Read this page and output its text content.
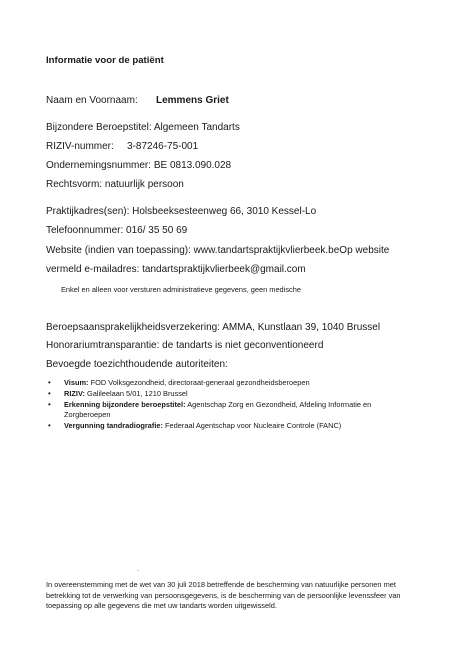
Informatie voor de patiënt
Naam en Voornaam: Lemmens Griet
Bijzondere Beroepstitel: Algemeen Tandarts
RIZIV-nummer: 3-87246-75-001
Ondernemingsnummer: BE 0813.090.028
Rechtsvorm: natuurlijk persoon
Praktijkadres(sen): Holsbeeksesteenweg 66, 3010 Kessel-Lo
Telefoonnummer: 016/ 35 50 69
Website (indien van toepassing): www.tandartspraktijkvlierbeek.beOp website
vermeld e-mailadres: tandartspraktijkvlierbeek@gmail.com
Enkel en alleen voor versturen administratieve gegevens, geen medische
Beroepsaansprakelijkheidsverzekering: AMMA, Kunstlaan 39, 1040 Brussel
Honorariumtransparantie: de tandarts is niet geconventioneerd
Bevoegde toezichthoudende autoriteiten:
• Visum: FOD Volksgezondheid, directoraat-generaal gezondheidsberoepen
• RIZIV: Galileelaan 5/01, 1210 Brussel
• Erkenning bijzondere beroepstitel: Agentschap Zorg en Gezondheid, Afdeling Informatie en Zorgberoepen
• Vergunning tandradiografie: Federaal Agentschap voor Nucleaire Controle (FANC)
ˋ
In overeenstemming met de wet van 30 juli 2018 betreffende de bescherming van natuurlijke personen met betrekking tot de verwerking van persoonsgegevens, is de bescherming van de persoonlijke levenssfeer van toepassing op alle gegevens die met uw tandarts worden uitgewisseld.
